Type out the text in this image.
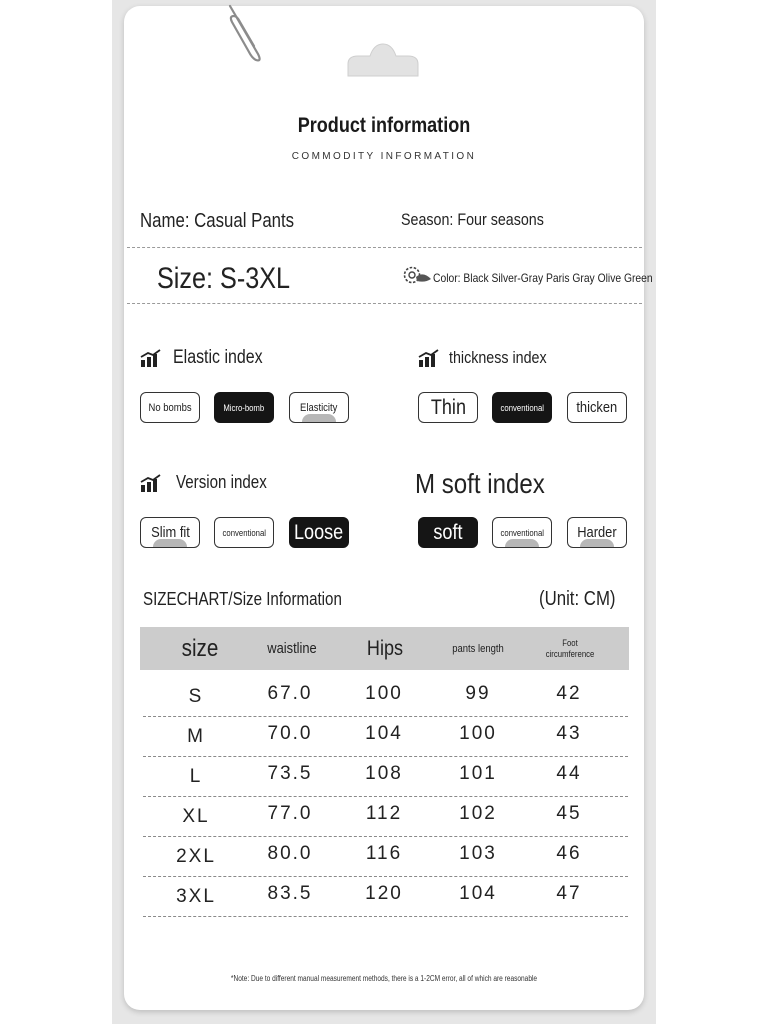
Product information
COMMODITY INFORMATION
Name: Casual Pants	Season: Four seasons
Size: S-3XL	Color: Black Silver-Gray Paris Gray Olive Green
Elastic index
No bombs	Micro-bomb	Elasticity
thickness index
Thin	conventional thicken
Version index
Slim fit	conventional Loose
M soft index
soft	conventional Harder
SIZECHART/Size Information	(Unit: CM)
size	waistline	Hips	pants length	Foot circumference
S	67.0	100	99	42
M	70.0	104	100	43
L	73.5	108	101	44
XL	77.0	112	102	45
2XL	80.0	116	103	46
3XL	83.5	120	104	47
*Note: Due to different manual measurement methods, there is a 1-2CM error, all of which are reasonable
